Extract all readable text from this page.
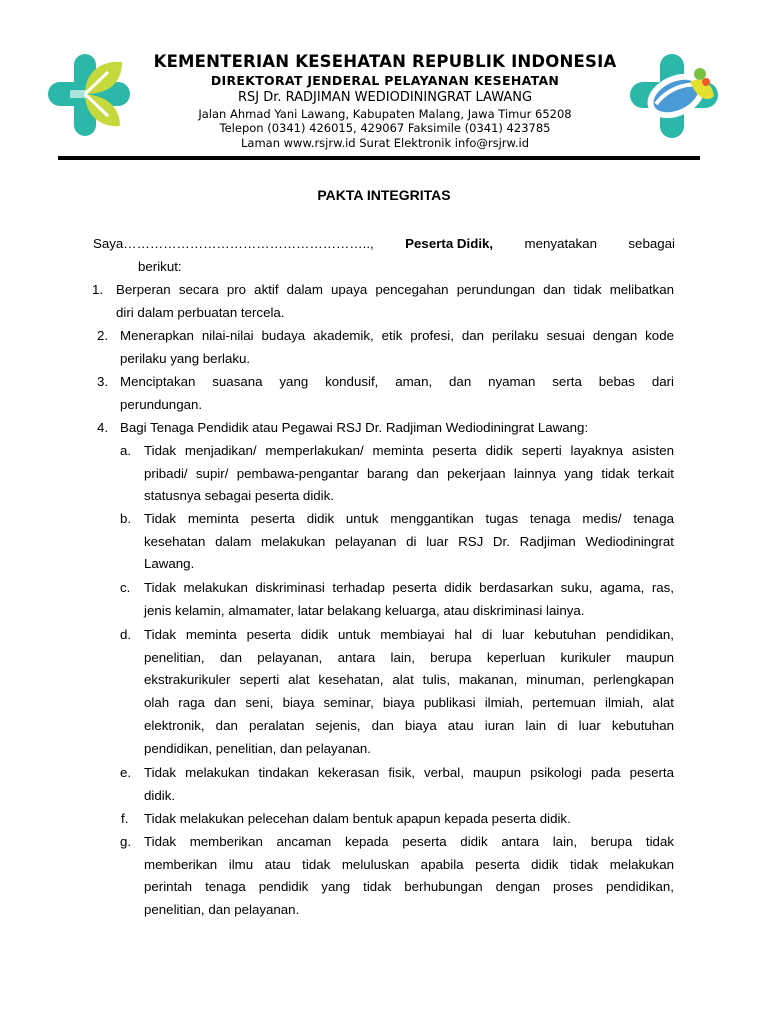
KEMENTERIAN KESEHATAN REPUBLIK INDONESIA
DIREKTORAT JENDERAL PELAYANAN KESEHATAN
RSJ Dr. RADJIMAN WEDIODININGRAT LAWANG
Jalan Ahmad Yani Lawang, Kabupaten Malang, Jawa Timur 65208
Telepon (0341) 426015, 429067 Faksimile (0341) 423785
Laman www.rsjrw.id Surat Elektronik info@rsjrw.id
PAKTA INTEGRITAS
Saya……………………………………………….., Peserta Didik, menyatakan sebagai
berikut:
1. Berperan secara pro aktif dalam upaya pencegahan perundungan dan tidak melibatkan
diri dalam perbuatan tercela.
2. Menerapkan nilai-nilai budaya akademik, etik profesi, dan perilaku sesuai dengan kode
perilaku yang berlaku.
3. Menciptakan suasana yang kondusif, aman, dan nyaman serta bebas dari
perundungan.
4. Bagi Tenaga Pendidik atau Pegawai RSJ Dr. Radjiman Wediodiningrat Lawang:
a. Tidak menjadikan/ memperlakukan/ meminta peserta didik seperti layaknya asisten
pribadi/ supir/ pembawa-pengantar barang dan pekerjaan lainnya yang tidak terkait
statusnya sebagai peserta didik.
b. Tidak meminta peserta didik untuk menggantikan tugas tenaga medis/ tenaga
kesehatan dalam melakukan pelayanan di luar RSJ Dr. Radjiman Wediodiningrat
Lawang.
c.	Tidak melakukan diskriminasi terhadap peserta didik berdasarkan suku, agama, ras,
jenis kelamin, almamater, latar belakang keluarga, atau diskriminasi lainya.
d. Tidak meminta peserta didik untuk membiayai hal di luar kebutuhan pendidikan,
penelitian, dan pelayanan, antara lain, berupa keperluan kurikuler maupun
ekstrakurikuler seperti alat kesehatan, alat tulis, makanan, minuman, perlengkapan
olah raga dan seni, biaya seminar, biaya publikasi ilmiah, pertemuan ilmiah, alat
elektronik, dan peralatan sejenis, dan biaya atau iuran lain di luar kebutuhan
pendidikan, penelitian, dan pelayanan.
e. Tidak melakukan tindakan kekerasan fisik, verbal, maupun psikologi pada peserta
didik.
f.	Tidak melakukan pelecehan dalam bentuk apapun kepada peserta didik.
g. Tidak memberikan ancaman kepada peserta didik antara lain, berupa tidak
memberikan ilmu atau tidak meluluskan apabila peserta didik tidak melakukan
perintah tenaga pendidik yang tidak berhubungan dengan proses pendidikan,
penelitian, dan pelayanan.
